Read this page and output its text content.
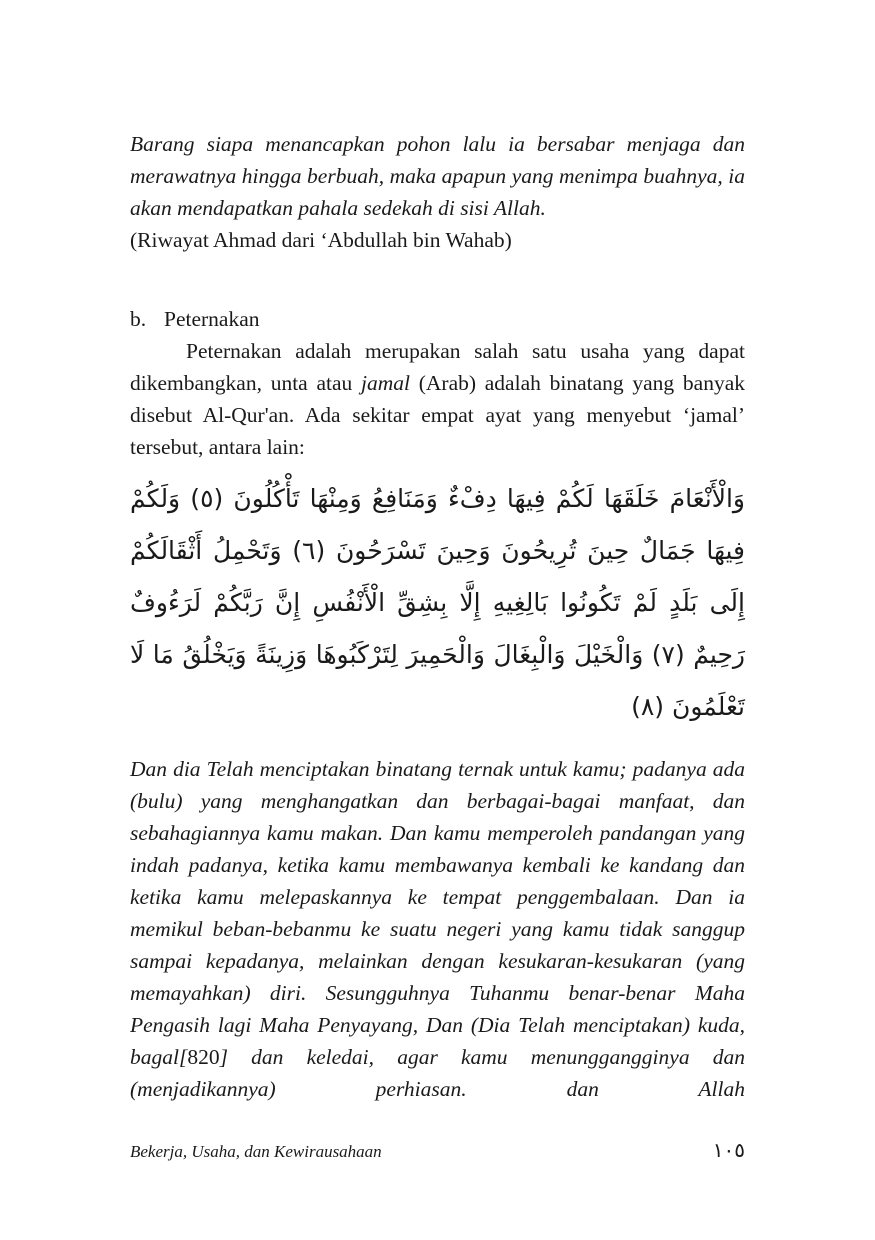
Barang siapa menancapkan pohon lalu ia bersabar menjaga dan merawatnya hingga berbuah, maka apapun yang menimpa buahnya, ia akan mendapatkan pahala sedekah di sisi Allah.

(Riwayat Ahmad dari ‘Abdullah bin Wahab)

b. Peternakan

Peternakan adalah merupakan salah satu usaha yang dapat dikembangkan, unta atau jamal (Arab) adalah binatang yang banyak disebut Al-Qur'an. Ada sekitar empat ayat yang menyebut ‘jamal’ tersebut, antara lain:

وَالْأَنْعَامَ خَلَقَهَا لَكُمْ فِيهَا دِفْءٌ وَمَنَافِعُ وَمِنْهَا تَأْكُلُونَ (٥) وَلَكُمْ فِيهَا جَمَالٌ حِينَ تُرِيحُونَ وَحِينَ تَسْرَحُونَ (٦) وَتَحْمِلُ أَثْقَالَكُمْ إِلَى بَلَدٍ لَمْ تَكُونُوا بَالِغِيهِ إِلَّا بِشِقِّ الْأَنْفُسِ إِنَّ رَبَّكُمْ لَرَءُوفٌ رَحِيمٌ (٧) وَالْخَيْلَ وَالْبِغَالَ وَالْحَمِيرَ لِتَرْكَبُوهَا وَزِينَةً وَيَخْلُقُ مَا لَا تَعْلَمُونَ (٨)

Dan dia Telah menciptakan binatang ternak untuk kamu; padanya ada (bulu) yang menghangatkan dan berbagai-bagai manfaat, dan sebahagiannya kamu makan. Dan kamu memperoleh pandangan yang indah padanya, ketika kamu membawanya kembali ke kandang dan ketika kamu melepaskannya ke tempat penggembalaan. Dan ia memikul beban-bebanmu ke suatu negeri yang kamu tidak sanggup sampai kepadanya, melainkan dengan kesukaran-kesukaran (yang memayahkan) diri. Sesungguhnya Tuhanmu benar-benar Maha Pengasih lagi Maha Penyayang, Dan (Dia Telah menciptakan) kuda, bagal[820] dan keledai, agar kamu menunggangginya dan (menjadikannya) perhiasan. dan Allah

Bekerja, Usaha, dan Kewirausahaan	١٠٥
